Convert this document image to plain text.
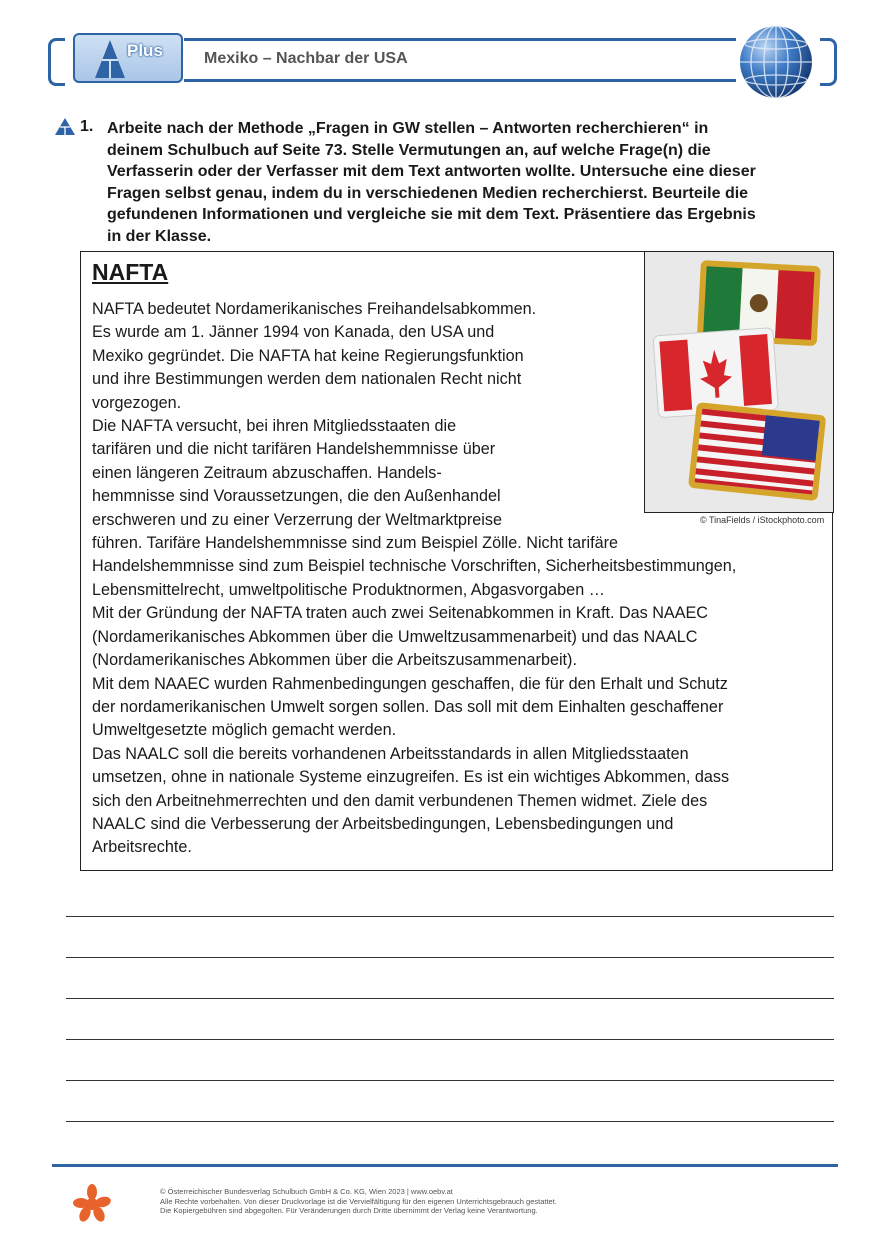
Plus	Mexiko – Nachbar der USA
1. Arbeite nach der Methode „Fragen in GW stellen – Antworten recherchieren“ in
deinem Schulbuch auf Seite 73. Stelle Vermutungen an, auf welche Frage(n) die
Verfasserin oder der Verfasser mit dem Text antworten wollte. Untersuche eine dieser
Fragen selbst genau, indem du in verschiedenen Medien recherchierst. Beurteile die
gefundenen Informationen und vergleiche sie mit dem Text. Präsentiere das Ergebnis
in der Klasse.
NAFTA
© TinaFields / iStockphoto.com
NAFTA bedeutet Nordamerikanisches Freihandelsabkommen.
Es wurde am 1. Jänner 1994 von Kanada, den USA und
Mexiko gegründet. Die NAFTA hat keine Regierungsfunktion
und ihre Bestimmungen werden dem nationalen Recht nicht
vorgezogen.
Die NAFTA versucht, bei ihren Mitgliedsstaaten die
tarifären und die nicht tarifären Handelshemmnisse über
einen längeren Zeitraum abzuschaffen. Handels-
hemmnisse sind Voraussetzungen, die den Außenhandel
erschweren und zu einer Verzerrung der Weltmarktpreise
führen. Tarifäre Handelshemmnisse sind zum Beispiel Zölle. Nicht tarifäre
Handelshemmnisse sind zum Beispiel technische Vorschriften, Sicherheitsbestimmungen,
Lebensmittelrecht, umweltpolitische Produktnormen, Abgasvorgaben …
Mit der Gründung der NAFTA traten auch zwei Seitenabkommen in Kraft. Das NAAEC
(Nordamerikanisches Abkommen über die Umweltzusammenarbeit) und das NAALC
(Nordamerikanisches Abkommen über die Arbeitszusammenarbeit).
Mit dem NAAEC wurden Rahmenbedingungen geschaffen, die für den Erhalt und Schutz
der nordamerikanischen Umwelt sorgen sollen. Das soll mit dem Einhalten geschaffener
Umweltgesetzte möglich gemacht werden.
Das NAALC soll die bereits vorhandenen Arbeitsstandards in allen Mitgliedsstaaten
umsetzen, ohne in nationale Systeme einzugreifen. Es ist ein wichtiges Abkommen, dass
sich den Arbeitnehmerrechten und den damit verbundenen Themen widmet. Ziele des
NAALC sind die Verbesserung der Arbeitsbedingungen, Lebensbedingungen und
Arbeitsrechte.
© Österreichischer Bundesverlag Schulbuch GmbH & Co. KG, Wien 2023 | www.oebv.at
Alle Rechte vorbehalten. Von dieser Druckvorlage ist die Vervielfältigung für den eigenen Unterrichtsgebrauch gestattet.
Die Kopiergebühren sind abgegolten. Für Veränderungen durch Dritte übernimmt der Verlag keine Verantwortung.
